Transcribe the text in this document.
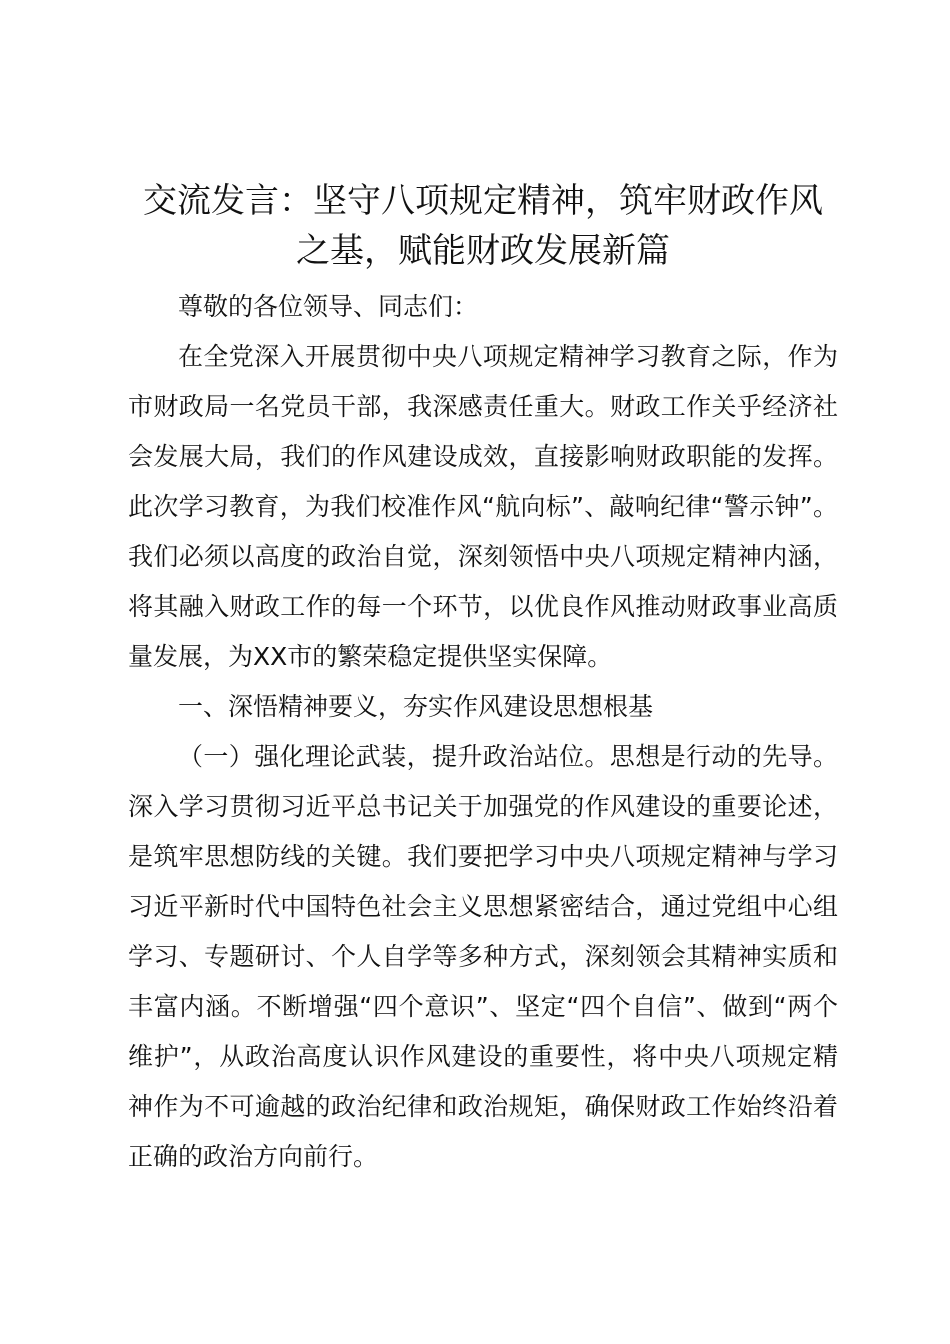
交流发言：坚守八项规定精神，筑牢财政作风之基，赋能财政发展新篇

尊敬的各位领导、同志们：

在全党深入开展贯彻中央八项规定精神学习教育之际，作为市财政局一名党员干部，我深感责任重大。财政工作关乎经济社会发展大局，我们的作风建设成效，直接影响财政职能的发挥。此次学习教育，为我们校准作风“航向标”、敲响纪律“警示钟”。我们必须以高度的政治自觉，深刻领悟中央八项规定精神内涵，将其融入财政工作的每一个环节，以优良作风推动财政事业高质量发展，为XX市的繁荣稳定提供坚实保障。

一、深悟精神要义，夯实作风建设思想根基

（一）强化理论武装，提升政治站位。思想是行动的先导。深入学习贯彻习近平总书记关于加强党的作风建设的重要论述，是筑牢思想防线的关键。我们要把学习中央八项规定精神与学习习近平新时代中国特色社会主义思想紧密结合，通过党组中心组学习、专题研讨、个人自学等多种方式，深刻领会其精神实质和丰富内涵。不断增强“四个意识”、坚定“四个自信”、做到“两个维护”，从政治高度认识作风建设的重要性，将中央八项规定精神作为不可逾越的政治纪律和政治规矩，确保财政工作始终沿着正确的政治方向前行。
